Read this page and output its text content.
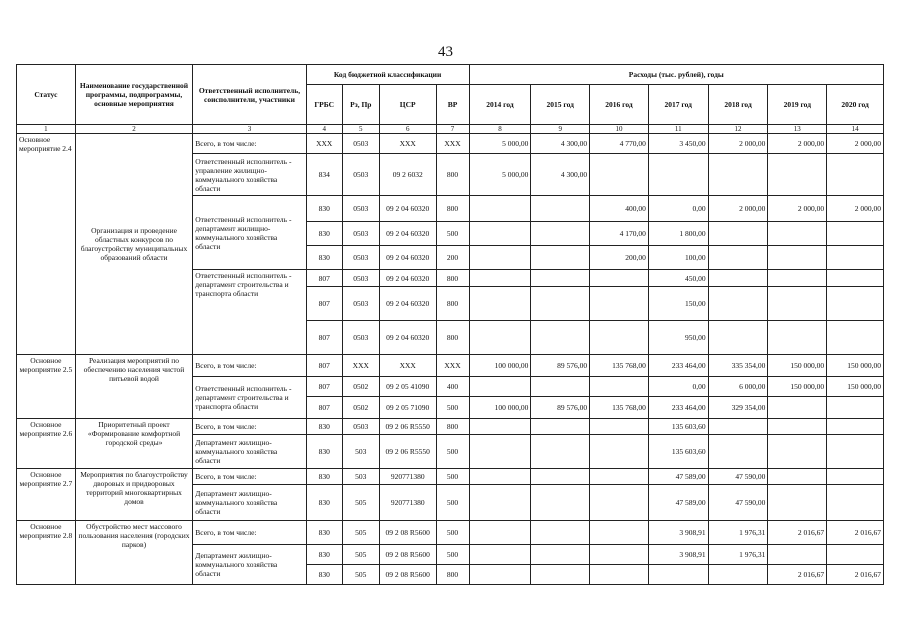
43
Статус	Наименование государственной программы, подпрограммы, основные мероприятия	Ответственный исполнитель, соисполнители, участники	Код бюджетной классификации				Расходы (тыс. рублей), годы						
			ГРБС	Рз, Пр	ЦСР	ВР	2014 год	2015 год	2016 год	2017 год	2018 год	2019 год	2020 год
1	2	3	4	5	6	7	8	9	10	11	12	13	14
Основное мероприятие 2.4	Организация и проведение областных конкурсов по благоустройству муниципальных образований области	Всего, в том числе:	XXX	0503	XXX	XXX	5 000,00	4 300,00	4 770,00	3 450,00	2 000,00	2 000,00	2 000,00
		Ответственный исполнитель - управление жилищно-коммунального хозяйства области	834	0503	09 2 6032	800	5 000,00	4 300,00					
		Ответственный исполнитель - департамент жилищно-коммунального хозяйства области	830	0503	09 2 04 60320	800			400,00	0,00	2 000,00	2 000,00	2 000,00
			830	0503	09 2 04 60320	500			4 170,00	1 800,00			
			830	0503	09 2 04 60320	200			200,00	100,00			
		Ответственный исполнитель - департамент строительства и транспорта области	807	0503	09 2 04 60320	800				450,00			
			807	0503	09 2 04 60320	800				150,00			
			807	0503	09 2 04 60320	800				950,00			
Основное мероприятие 2.5	Реализация мероприятий по обеспечению населения чистой питьевой водой	Всего, в том числе:	807	XXX	XXX	XXX	100 000,00	89 576,00	135 768,00	233 464,00	335 354,00	150 000,00	150 000,00
		Ответственный исполнитель - департамент строительства и транспорта области	807	0502	09 2 05 41090	400				0,00	6 000,00	150 000,00	150 000,00
			807	0502	09 2 05 71090	500	100 000,00	89 576,00	135 768,00	233 464,00	329 354,00		
Основное мероприятие 2.6	Приоритетный проект «Формирование комфортной городской среды»	Всего, в том числе:	830	0503	09 2 06 R5550	800				135 603,60			
		Департамент жилищно-коммунального хозяйства области	830	503	09 2 06 R5550	500				135 603,60			
Основное мероприятие 2.7	Мероприятия по благоустройству дворовых и придворовых территорий многоквартирных домов	Всего, в том числе:	830	503	920771380	500				47 589,00	47 590,00		
		Департамент жилищно-коммунального хозяйства области	830	505	920771380	500				47 589,00	47 590,00		
Основное мероприятие 2.8	Обустройство мест массового пользования населения (городских парков)	Всего, в том числе:	830	505	09 2 08 R5600	500				3 908,91	1 976,31	2 016,67	2 016,67
		Департамент жилищно-коммунального хозяйства области	830	505	09 2 08 R5600	500				3 908,91	1 976,31		
			830	505	09 2 08 R5600	800						2 016,67	2 016,67
